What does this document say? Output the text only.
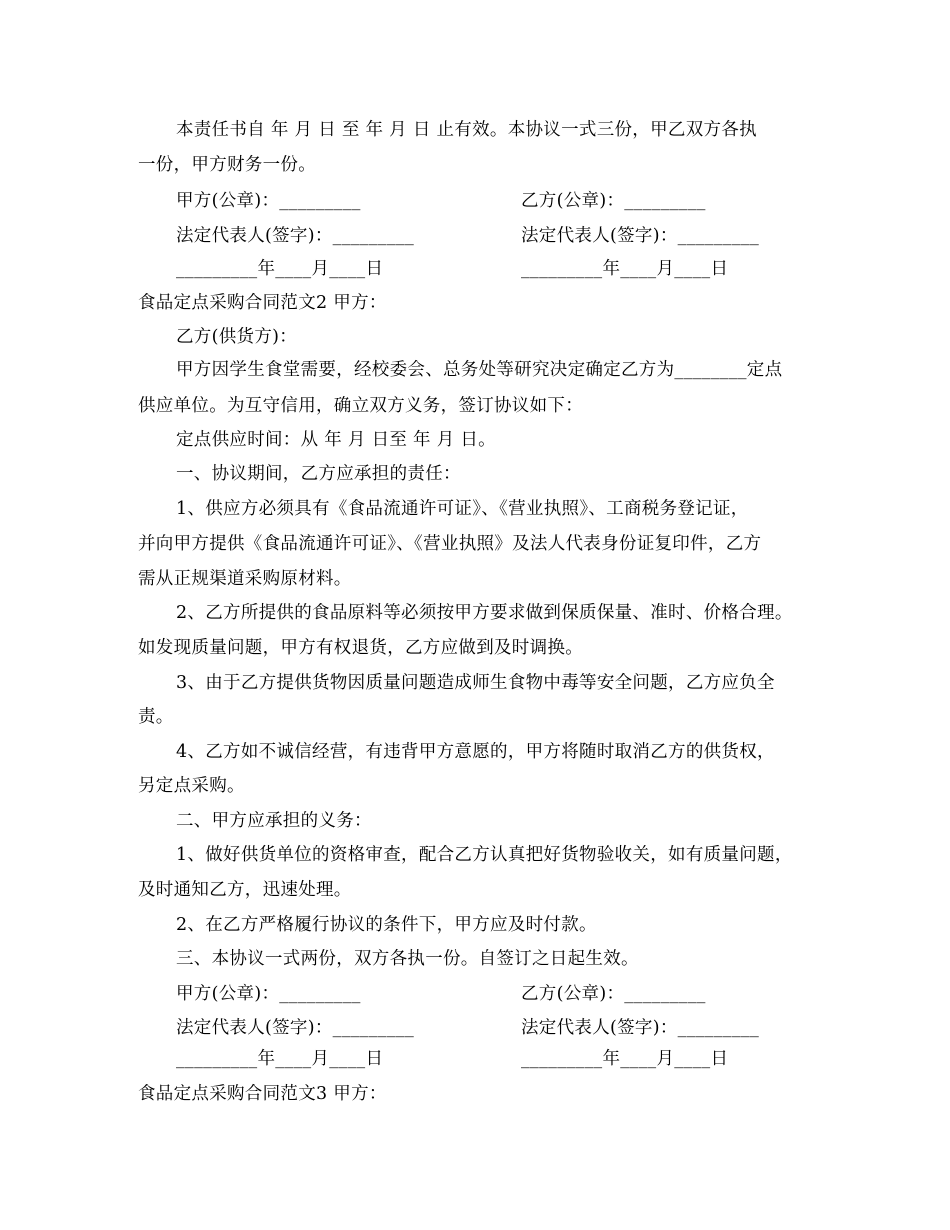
本责任书自 年 月 日 至 年 月 日 止有效。本协议一式三份，甲乙双方各执
一份，甲方财务一份。
甲方(公章)：_________	乙方(公章)：_________
法定代表人(签字)：_________	法定代表人(签字)：_________
_________年____月____日	_________年____月____日
食品定点采购合同范文2 甲方：
乙方(供货方)：
甲方因学生食堂需要，经校委会、总务处等研究决定确定乙方为________定点
供应单位。为互守信用，确立双方义务，签订协议如下：
定点供应时间：从 年 月 日至 年 月 日。
一、协议期间，乙方应承担的责任：
1、供应方必须具有《食品流通许可证》、《营业执照》、工商税务登记证，
并向甲方提供《食品流通许可证》、《营业执照》及法人代表身份证复印件，乙方
需从正规渠道采购原材料。
2、乙方所提供的食品原料等必须按甲方要求做到保质保量、准时、价格合理。
如发现质量问题，甲方有权退货，乙方应做到及时调换。
3、由于乙方提供货物因质量问题造成师生食物中毒等安全问题，乙方应负全
责。
4、乙方如不诚信经营，有违背甲方意愿的，甲方将随时取消乙方的供货权，
另定点采购。
二、甲方应承担的义务：
1、做好供货单位的资格审查，配合乙方认真把好货物验收关，如有质量问题，
及时通知乙方，迅速处理。
2、在乙方严格履行协议的条件下，甲方应及时付款。
三、本协议一式两份，双方各执一份。自签订之日起生效。
甲方(公章)：_________	乙方(公章)：_________
法定代表人(签字)：_________	法定代表人(签字)：_________
_________年____月____日	_________年____月____日
食品定点采购合同范文3 甲方：
